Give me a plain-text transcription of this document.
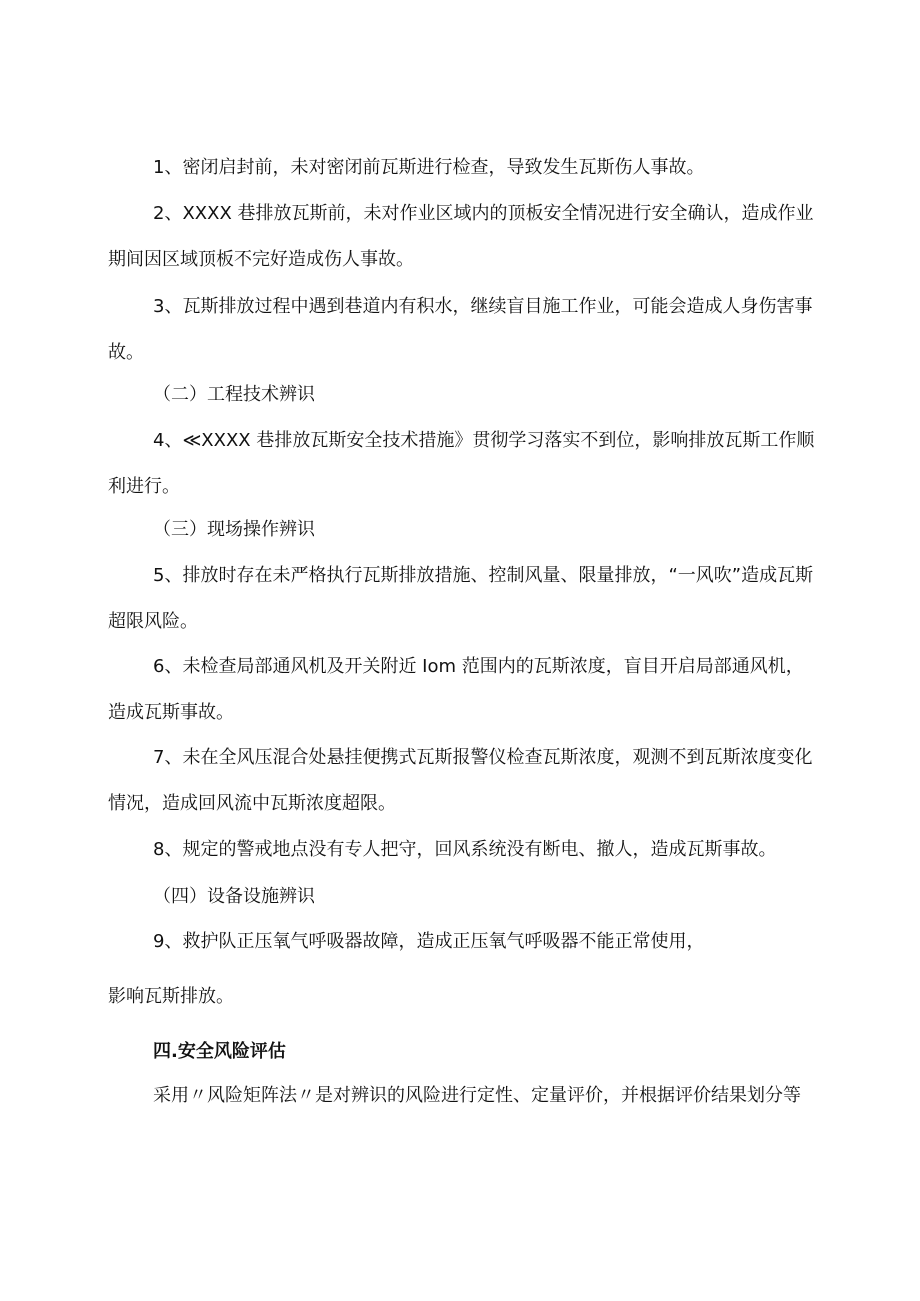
1、密闭启封前，未对密闭前瓦斯进行检查，导致发生瓦斯伤人事故。

2、XXXX 巷排放瓦斯前，未对作业区域内的顶板安全情况进行安全确认，造成作业期间因区域顶板不完好造成伤人事故。

3、瓦斯排放过程中遇到巷道内有积水，继续盲目施工作业，可能会造成人身伤害事故。

（二）工程技术辨识

4、≪XXXX 巷排放瓦斯安全技术措施》贯彻学习落实不到位，影响排放瓦斯工作顺利进行。

（三）现场操作辨识

5、排放时存在未严格执行瓦斯排放措施、控制风量、限量排放，“一风吹”造成瓦斯超限风险。

6、未检查局部通风机及开关附近 Iom 范围内的瓦斯浓度，盲目开启局部通风机，造成瓦斯事故。

7、未在全风压混合处悬挂便携式瓦斯报警仪检查瓦斯浓度，观测不到瓦斯浓度变化情况，造成回风流中瓦斯浓度超限。

8、规定的警戒地点没有专人把守，回风系统没有断电、撤人，造成瓦斯事故。

（四）设备设施辨识

9、救护队正压氧气呼吸器故障，造成正压氧气呼吸器不能正常使用，

影响瓦斯排放。

四.安全风险评估

采用〃风险矩阵法〃是对辨识的风险进行定性、定量评价，并根据评价结果划分等
